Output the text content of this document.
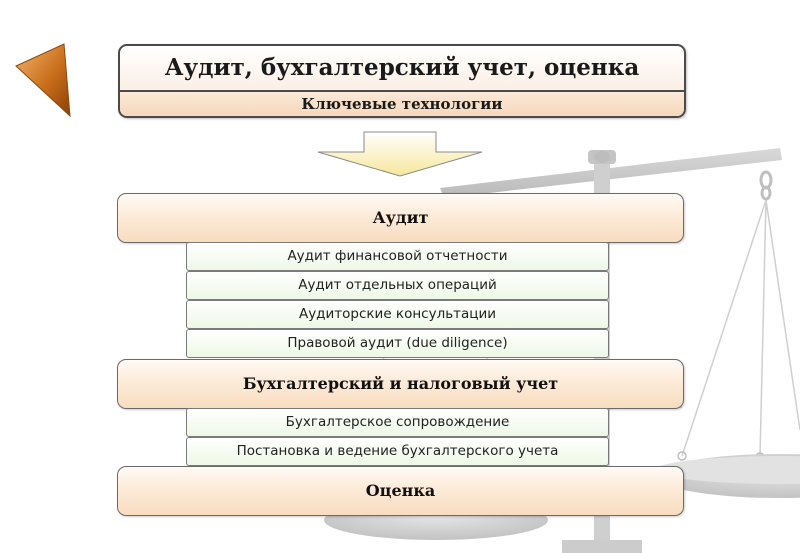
Аудит, бухгалтерский учет, оценка
Ключевые технологии
Аудит
Аудит финансовой отчетности
Аудит отдельных операций
Аудиторские консультации
Правовой аудит (due diligence)
Бухгалтерский и налоговый учет
Бухгалтерское сопровождение
Постановка и ведение бухгалтерского учета
Оценка
